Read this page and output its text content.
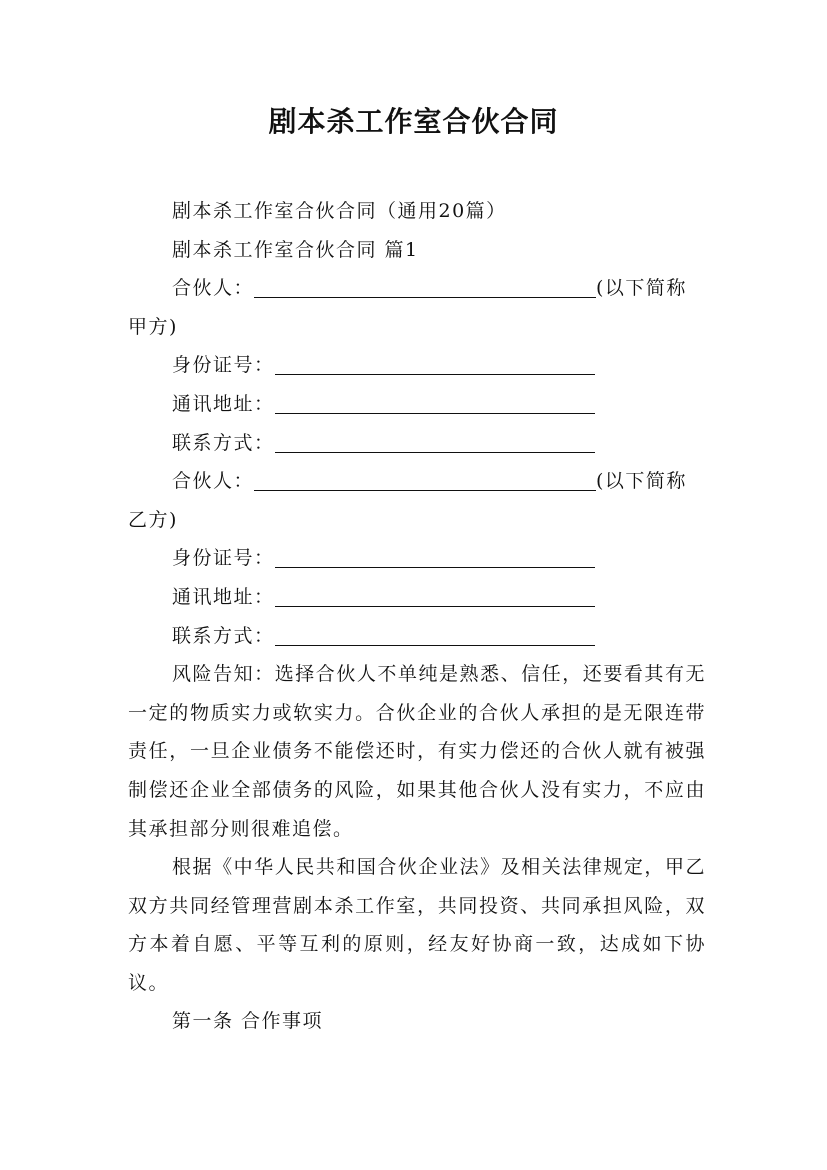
剧本杀工作室合伙合同

剧本杀工作室合伙合同（通用20篇）

剧本杀工作室合伙合同 篇1

合伙人：	(以下简称

甲方)

身份证号：

通讯地址：

联系方式：

合伙人：	(以下简称

乙方)

身份证号：

通讯地址：

联系方式：

风险告知：选择合伙人不单纯是熟悉、信任，还要看其有无一定的物质实力或软实力。合伙企业的合伙人承担的是无限连带责任，一旦企业债务不能偿还时，有实力偿还的合伙人就有被强制偿还企业全部债务的风险，如果其他合伙人没有实力，不应由其承担部分则很难追偿。

根据《中华人民共和国合伙企业法》及相关法律规定，甲乙双方共同经管理营剧本杀工作室，共同投资、共同承担风险，双方本着自愿、平等互利的原则，经友好协商一致，达成如下协议。

第一条 合作事项
